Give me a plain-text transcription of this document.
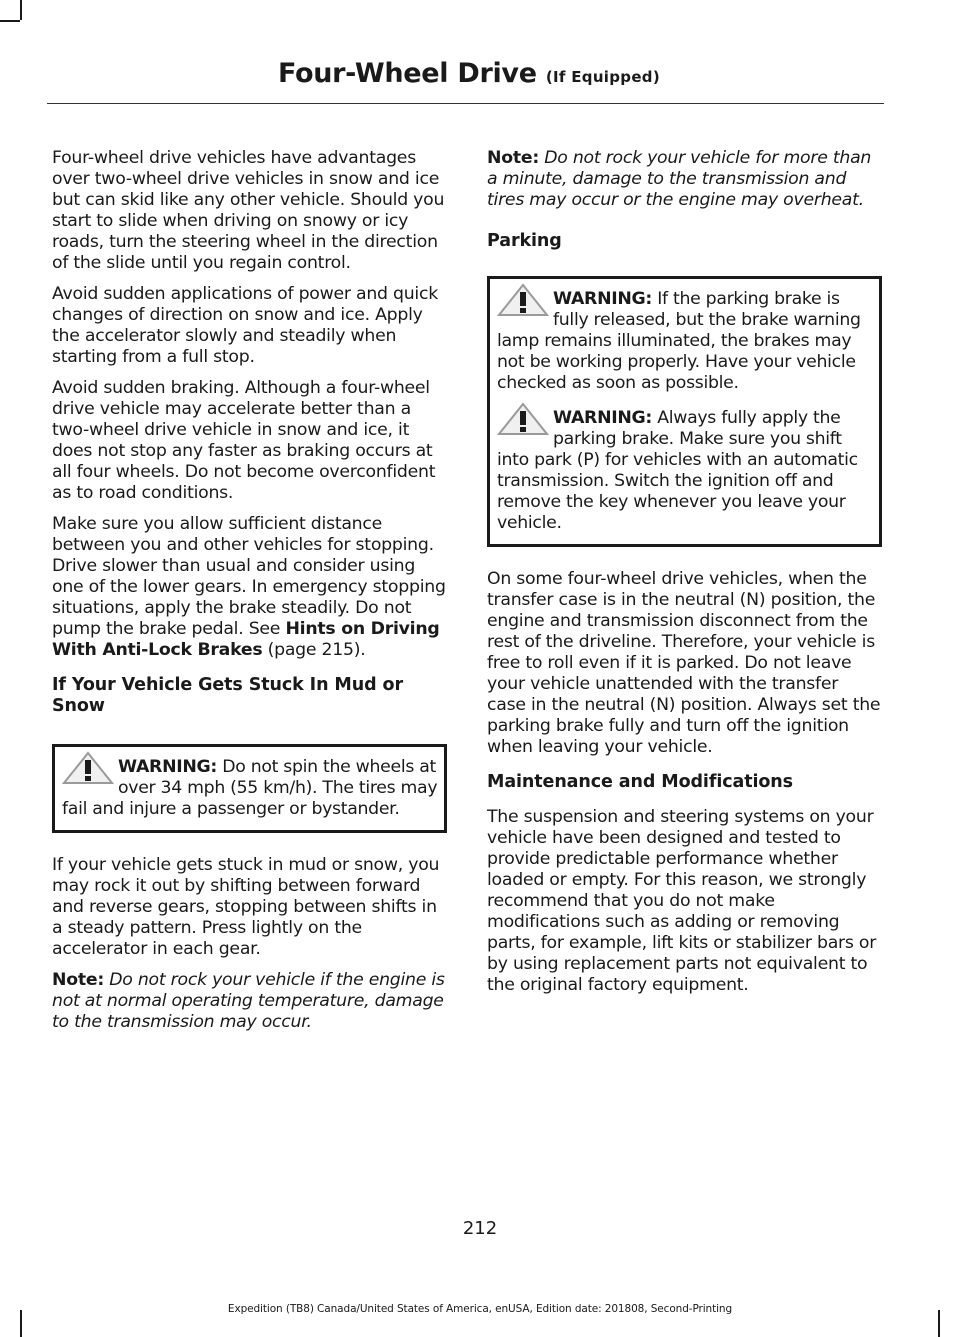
Four-Wheel Drive (If Equipped)

Four-wheel drive vehicles have advantages over two-wheel drive vehicles in snow and ice but can skid like any other vehicle. Should you start to slide when driving on snowy or icy roads, turn the steering wheel in the direction of the slide until you regain control.

Avoid sudden applications of power and quick changes of direction on snow and ice. Apply the accelerator slowly and steadily when starting from a full stop.

Avoid sudden braking. Although a four-wheel drive vehicle may accelerate better than a two-wheel drive vehicle in snow and ice, it does not stop any faster as braking occurs at all four wheels. Do not become overconfident as to road conditions.

Make sure you allow sufficient distance between you and other vehicles for stopping. Drive slower than usual and consider using one of the lower gears. In emergency stopping situations, apply the brake steadily. Do not pump the brake pedal. See Hints on Driving With Anti-Lock Brakes (page 215).

If Your Vehicle Gets Stuck In Mud or Snow
WARNING: Do not spin the wheels at over 34 mph (55 km/h). The tires may fail and injure a passenger or bystander.

If your vehicle gets stuck in mud or snow, you may rock it out by shifting between forward and reverse gears, stopping between shifts in a steady pattern. Press lightly on the accelerator in each gear.

Note: Do not rock your vehicle if the engine is not at normal operating temperature, damage to the transmission may occur.

Note: Do not rock your vehicle for more than a minute, damage to the transmission and tires may occur or the engine may overheat.

Parking
WARNING: If the parking brake is fully released, but the brake warning lamp remains illuminated, the brakes may not be working properly. Have your vehicle checked as soon as possible.
WARNING: Always fully apply the parking brake. Make sure you shift into park (P) for vehicles with an automatic transmission. Switch the ignition off and remove the key whenever you leave your vehicle.

On some four-wheel drive vehicles, when the transfer case is in the neutral (N) position, the engine and transmission disconnect from the rest of the driveline. Therefore, your vehicle is free to roll even if it is parked. Do not leave your vehicle unattended with the transfer case in the neutral (N) position. Always set the parking brake fully and turn off the ignition when leaving your vehicle.

Maintenance and Modifications

The suspension and steering systems on your vehicle have been designed and tested to provide predictable performance whether loaded or empty. For this reason, we strongly recommend that you do not make modifications such as adding or removing parts, for example, lift kits or stabilizer bars or by using replacement parts not equivalent to the original factory equipment.

212
Expedition (TB8) Canada/United States of America, enUSA, Edition date: 201808, Second-Printing
